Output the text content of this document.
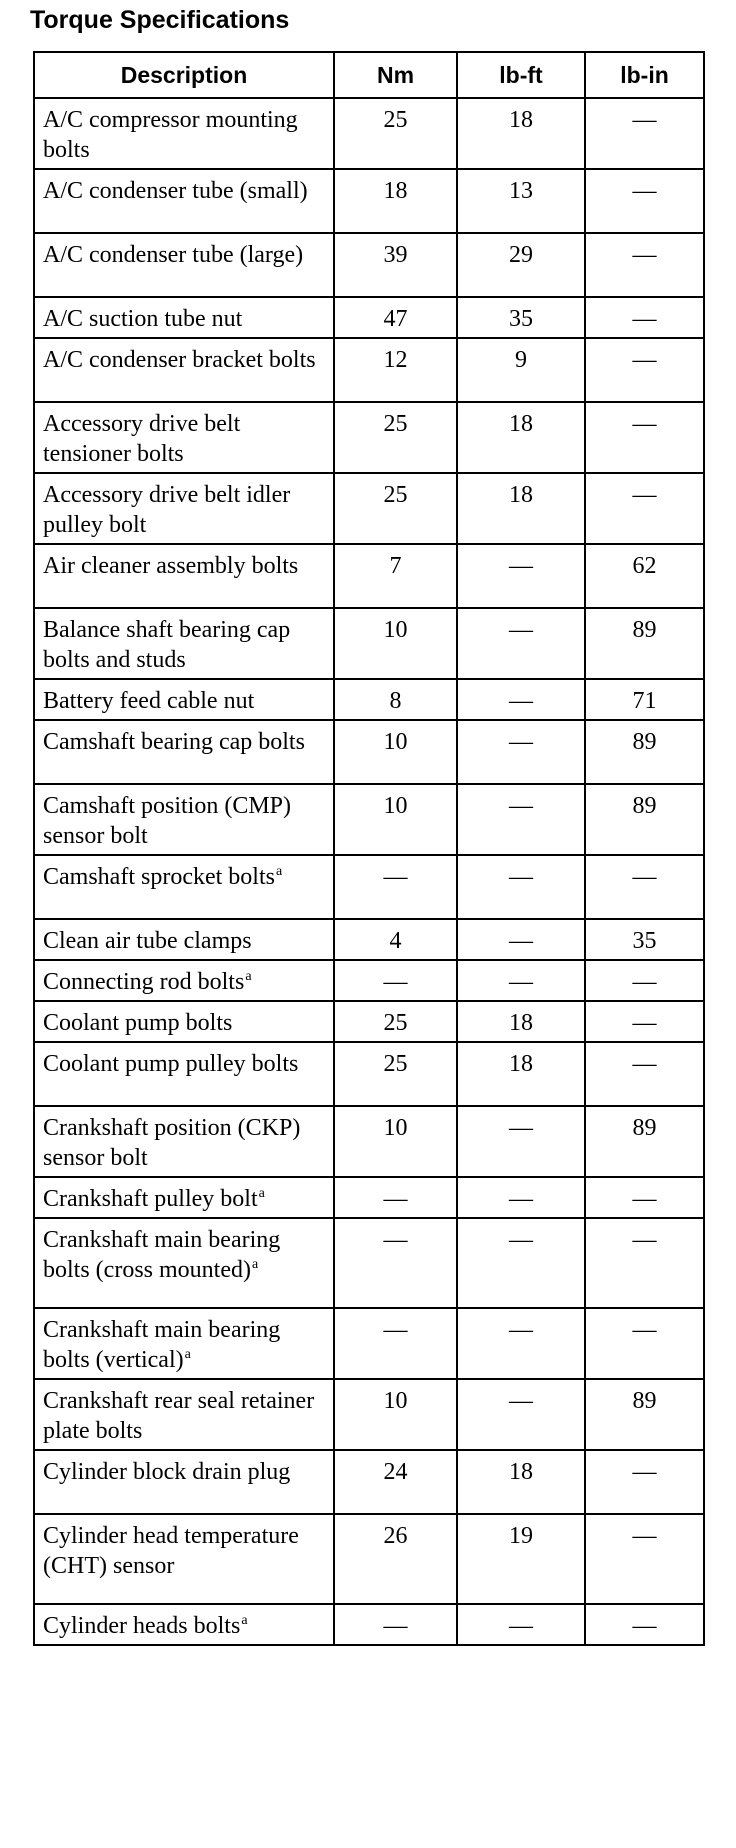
Torque Specifications
Description	Nm	lb-ft	lb-in
A/C compressor mounting bolts	25	18	—
A/C condenser tube (small)	18	13	—
A/C condenser tube (large)	39	29	—
A/C suction tube nut	47	35	—
A/C condenser bracket bolts	12	9	—
Accessory drive belt tensioner bolts	25	18	—
Accessory drive belt idler pulley bolt	25	18	—
Air cleaner assembly bolts	7	—	62
Balance shaft bearing cap bolts and studs	10	—	89
Battery feed cable nut	8	—	71
Camshaft bearing cap bolts	10	—	89
Camshaft position (CMP) sensor bolt	10	—	89
Camshaft sprocket bolts$^a$	—	—	—
Clean air tube clamps	4	—	35
Connecting rod bolts$^a$	—	—	—
Coolant pump bolts	25	18	—
Coolant pump pulley bolts	25	18	—
Crankshaft position (CKP) sensor bolt	10	—	89
Crankshaft pulley bolt$^a$	—	—	—
Crankshaft main bearing bolts (cross mounted)$^a$	—	—	—
Crankshaft main bearing bolts (vertical)$^a$	—	—	—
Crankshaft rear seal retainer plate bolts	10	—	89
Cylinder block drain plug	24	18	—
Cylinder head temperature (CHT) sensor	26	19	—
Cylinder heads bolts$^a$	—	—	—
